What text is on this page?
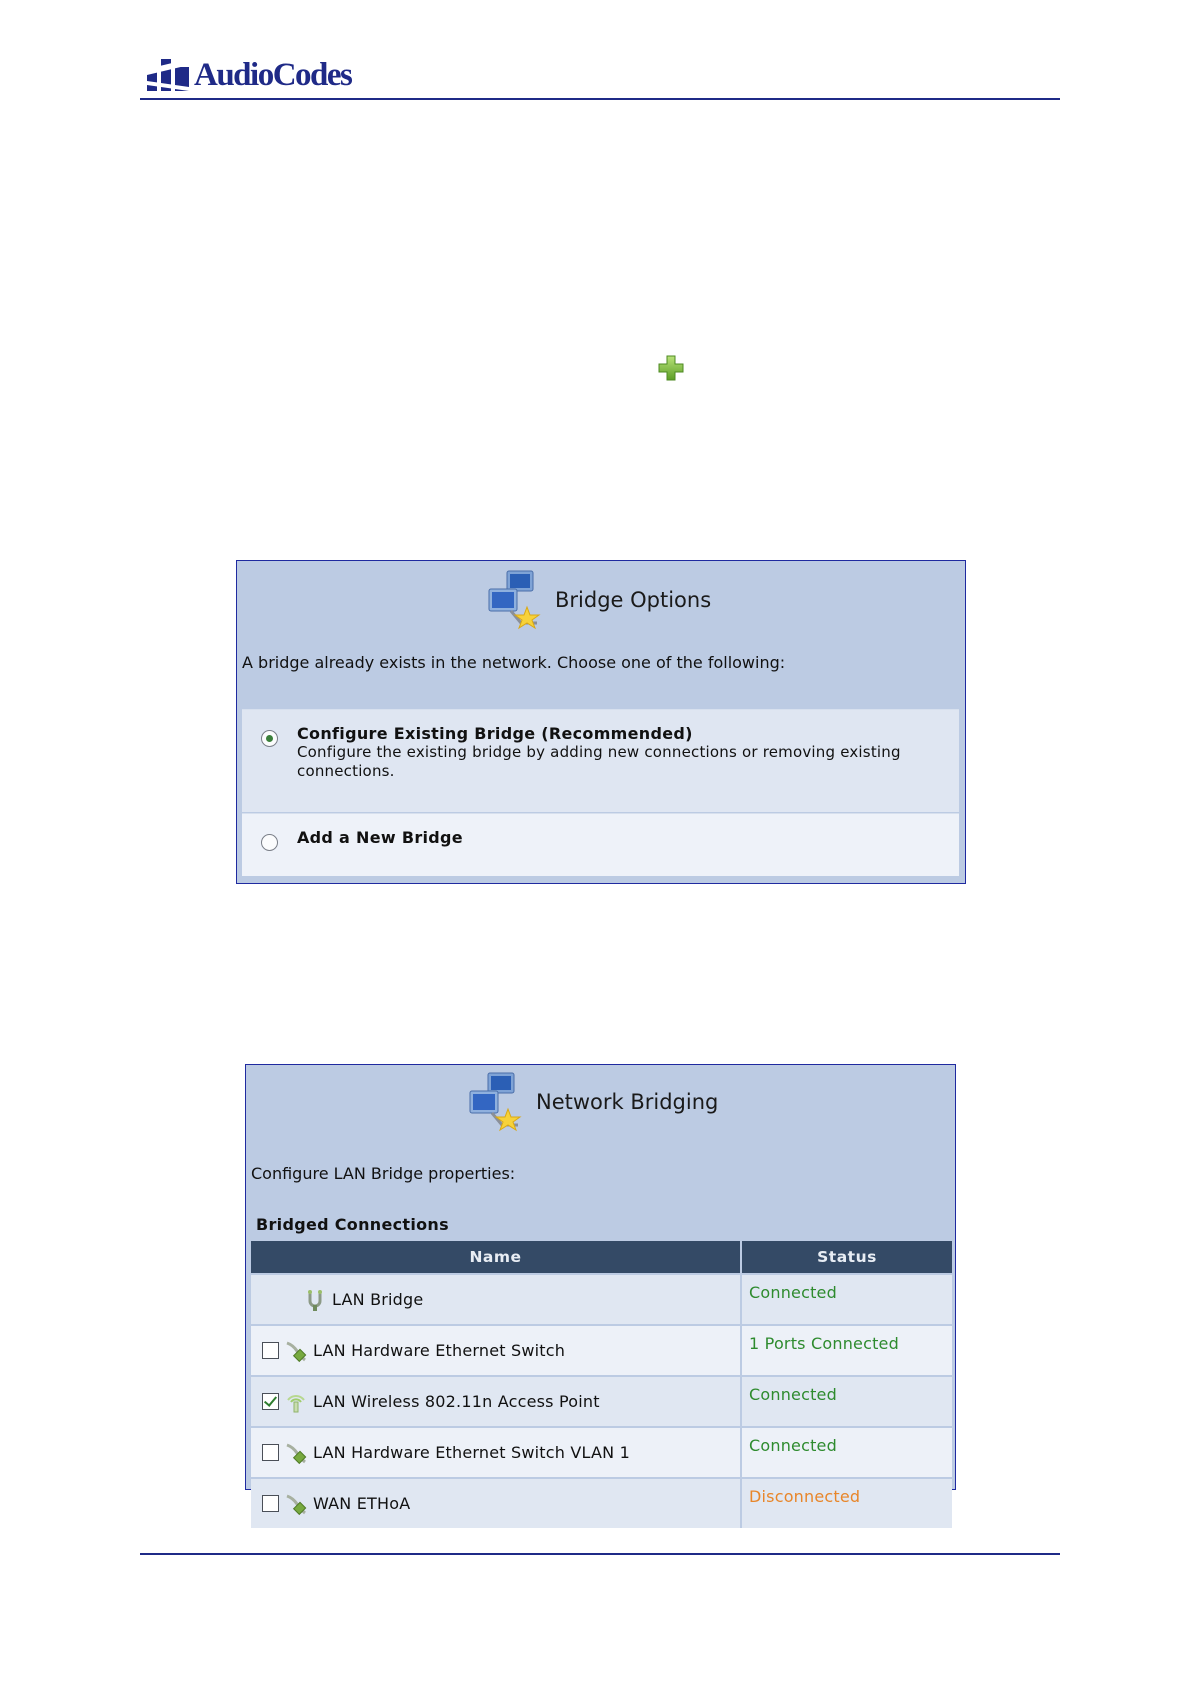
AudioCodes
Bridge Options
A bridge already exists in the network. Choose one of the following:
Configure Existing Bridge (Recommended)
Configure the existing bridge by adding new connections or removing existing connections.
Add a New Bridge
Network Bridging
Configure LAN Bridge properties:
Bridged Connections
Name	Status

LAN Bridge	Connected

LAN Hardware Ethernet Switch	1 Ports Connected

LAN Wireless 802.11n Access Point	Connected

LAN Hardware Ethernet Switch VLAN 1	Connected

WAN ETHoA	Disconnected
